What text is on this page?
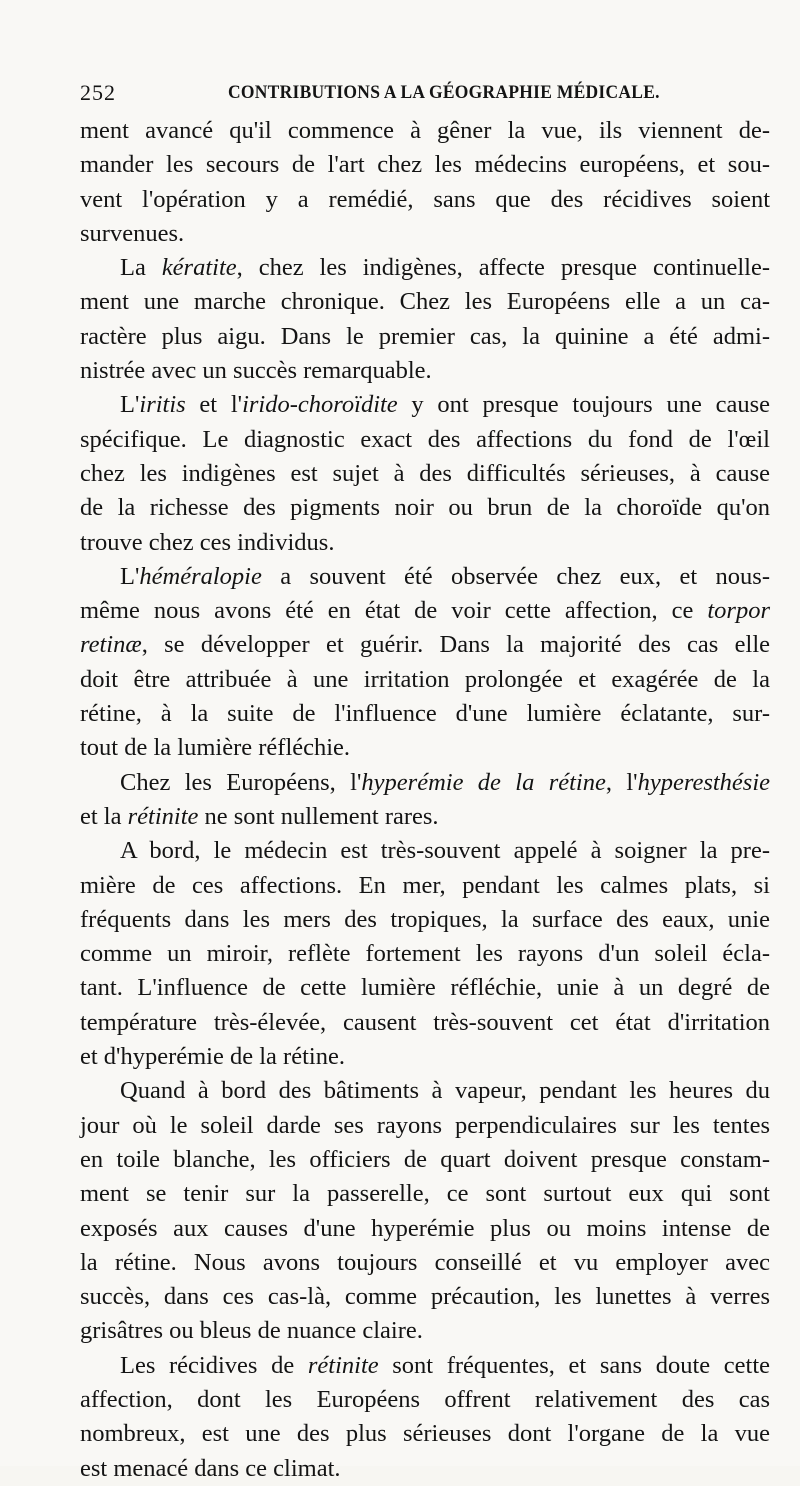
252	CONTRIBUTIONS A LA GÉOGRAPHIE MÉDICALE.
ment avancé qu'il commence à gêner la vue, ils viennent de-
mander les secours de l'art chez les médecins européens, et sou-
vent l'opération y a remédié, sans que des récidives soient
survenues.
La kératite, chez les indigènes, affecte presque continuelle-
ment une marche chronique. Chez les Européens elle a un ca-
ractère plus aigu. Dans le premier cas, la quinine a été admi-
nistrée avec un succès remarquable.
L'iritis et l'irido-choroïdite y ont presque toujours une cause
spécifique. Le diagnostic exact des affections du fond de l'œil
chez les indigènes est sujet à des difficultés sérieuses, à cause
de la richesse des pigments noir ou brun de la choroïde qu'on
trouve chez ces individus.
L'héméralopie a souvent été observée chez eux, et nous-
même nous avons été en état de voir cette affection, ce torpor
retinæ, se développer et guérir. Dans la majorité des cas elle
doit être attribuée à une irritation prolongée et exagérée de la
rétine, à la suite de l'influence d'une lumière éclatante, sur-
tout de la lumière réfléchie.
Chez les Européens, l'hyperémie de la rétine, l'hyperesthésie
et la rétinite ne sont nullement rares.
A bord, le médecin est très-souvent appelé à soigner la pre-
mière de ces affections. En mer, pendant les calmes plats, si
fréquents dans les mers des tropiques, la surface des eaux, unie
comme un miroir, reflète fortement les rayons d'un soleil écla-
tant. L'influence de cette lumière réfléchie, unie à un degré de
température très-élevée, causent très-souvent cet état d'irritation
et d'hyperémie de la rétine.
Quand à bord des bâtiments à vapeur, pendant les heures du
jour où le soleil darde ses rayons perpendiculaires sur les tentes
en toile blanche, les officiers de quart doivent presque constam-
ment se tenir sur la passerelle, ce sont surtout eux qui sont
exposés aux causes d'une hyperémie plus ou moins intense de
la rétine. Nous avons toujours conseillé et vu employer avec
succès, dans ces cas-là, comme précaution, les lunettes à verres
grisâtres ou bleus de nuance claire.
Les récidives de rétinite sont fréquentes, et sans doute cette
affection, dont les Européens offrent relativement des cas
nombreux, est une des plus sérieuses dont l'organe de la vue
est menacé dans ce climat.
